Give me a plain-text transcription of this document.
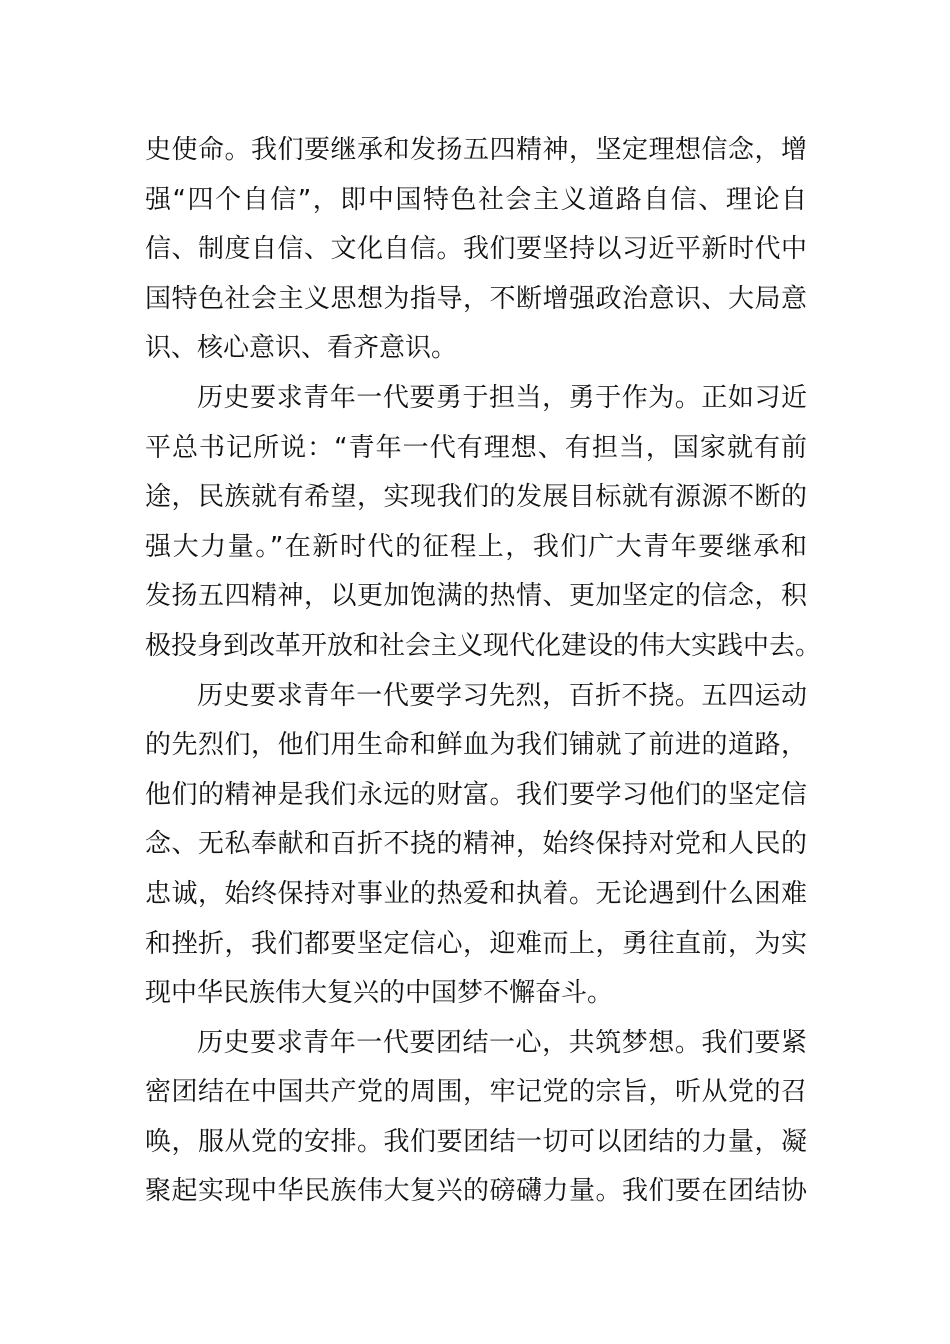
史使命。我们要继承和发扬五四精神，坚定理想信念，增
强“四个自信”，即中国特色社会主义道路自信、理论自
信、制度自信、文化自信。我们要坚持以习近平新时代中
国特色社会主义思想为指导，不断增强政治意识、大局意
识、核心意识、看齐意识。
历史要求青年一代要勇于担当，勇于作为。正如习近
平总书记所说：“青年一代有理想、有担当，国家就有前
途，民族就有希望，实现我们的发展目标就有源源不断的
强大力量。”在新时代的征程上，我们广大青年要继承和
发扬五四精神，以更加饱满的热情、更加坚定的信念，积
极投身到改革开放和社会主义现代化建设的伟大实践中去。
历史要求青年一代要学习先烈，百折不挠。五四运动
的先烈们，他们用生命和鲜血为我们铺就了前进的道路，
他们的精神是我们永远的财富。我们要学习他们的坚定信
念、无私奉献和百折不挠的精神，始终保持对党和人民的
忠诚，始终保持对事业的热爱和执着。无论遇到什么困难
和挫折，我们都要坚定信心，迎难而上，勇往直前，为实
现中华民族伟大复兴的中国梦不懈奋斗。
历史要求青年一代要团结一心，共筑梦想。我们要紧
密团结在中国共产党的周围，牢记党的宗旨，听从党的召
唤，服从党的安排。我们要团结一切可以团结的力量，凝
聚起实现中华民族伟大复兴的磅礴力量。我们要在团结协
